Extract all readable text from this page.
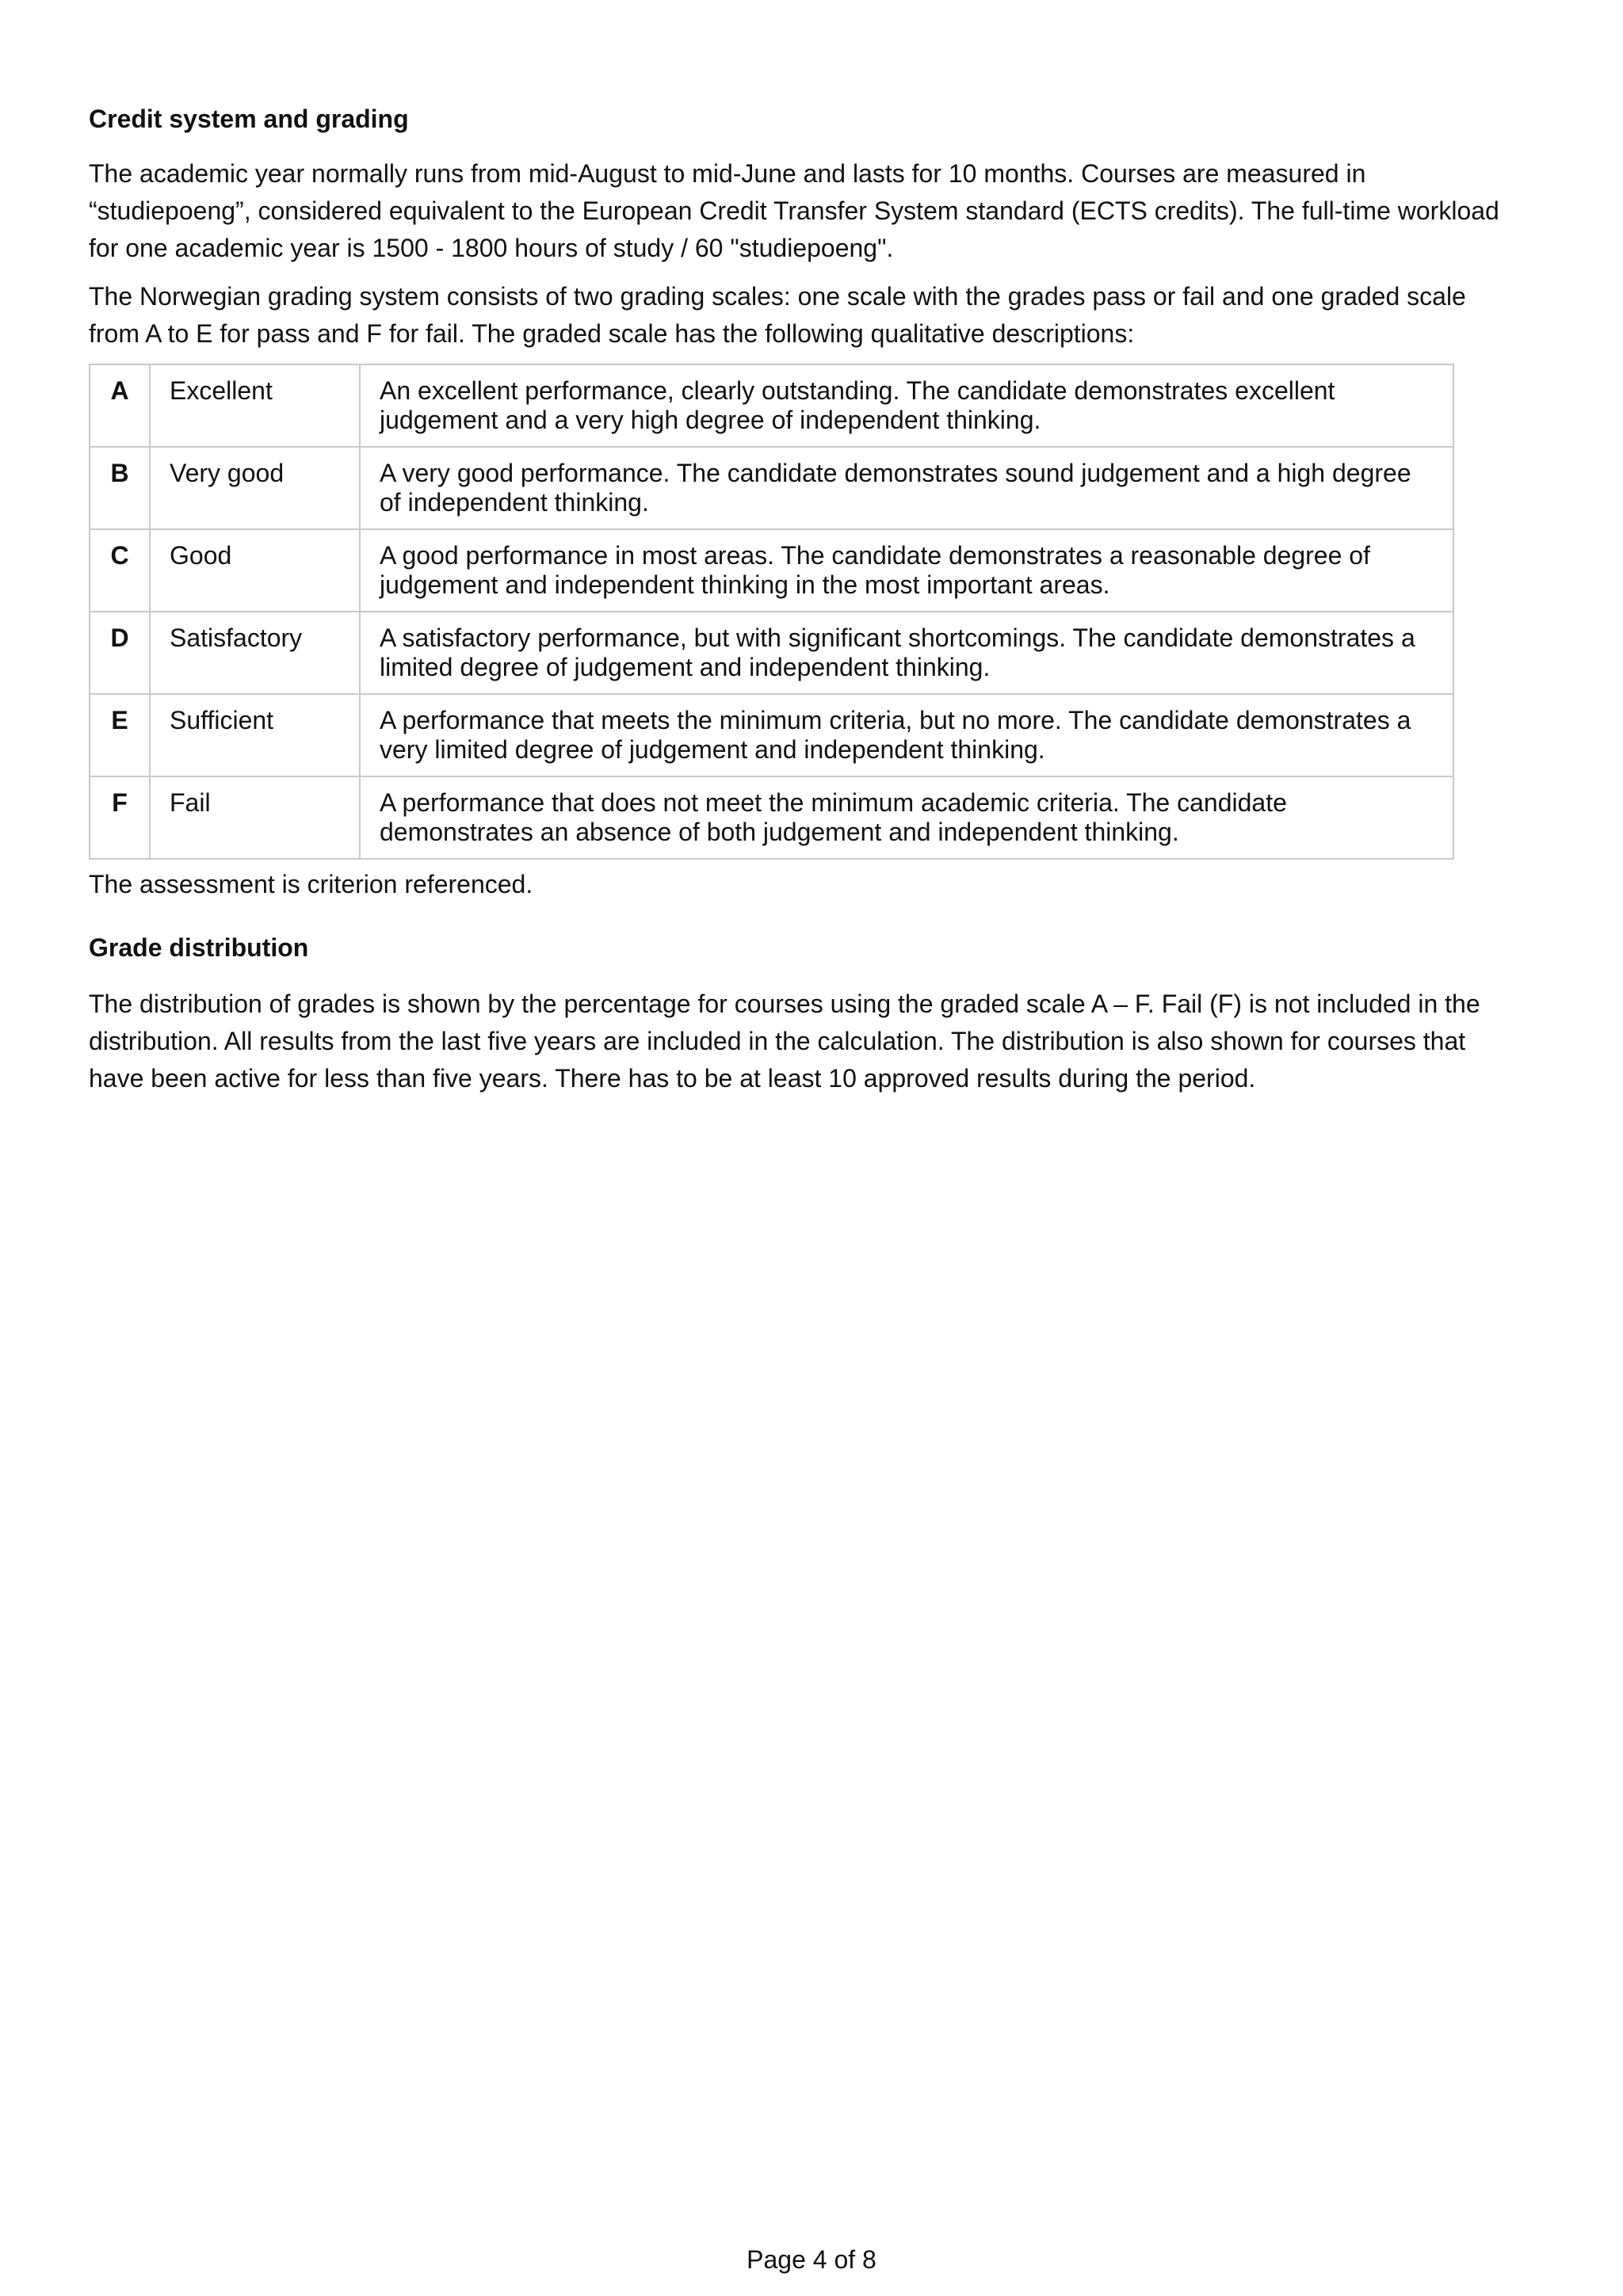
Credit system and grading

The academic year normally runs from mid-August to mid-June and lasts for 10 months. Courses are measured in “studiepoeng”, considered equivalent to the European Credit Transfer System standard (ECTS credits). The full-time workload for one academic year is 1500 - 1800 hours of study / 60 "studiepoeng".

The Norwegian grading system consists of two grading scales: one scale with the grades pass or fail and one graded scale from A to E for pass and F for fail. The graded scale has the following qualitative descriptions:

A	Excellent	An excellent performance, clearly outstanding. The candidate demonstrates excellent judgement and a very high degree of independent thinking.
B	Very good	A very good performance. The candidate demonstrates sound judgement and a high degree of independent thinking.
C	Good	A good performance in most areas. The candidate demonstrates a reasonable degree of judgement and independent thinking in the most important areas.
D	Satisfactory	A satisfactory performance, but with significant shortcomings. The candidate demonstrates a limited degree of judgement and independent thinking.
E	Sufficient	A performance that meets the minimum criteria, but no more. The candidate demonstrates a very limited degree of judgement and independent thinking.
F	Fail	A performance that does not meet the minimum academic criteria. The candidate demonstrates an absence of both judgement and independent thinking.

The assessment is criterion referenced.

Grade distribution

The distribution of grades is shown by the percentage for courses using the graded scale A – F. Fail (F) is not included in the distribution. All results from the last five years are included in the calculation. The distribution is also shown for courses that have been active for less than five years. There has to be at least 10 approved results during the period.

Page 4 of 8
